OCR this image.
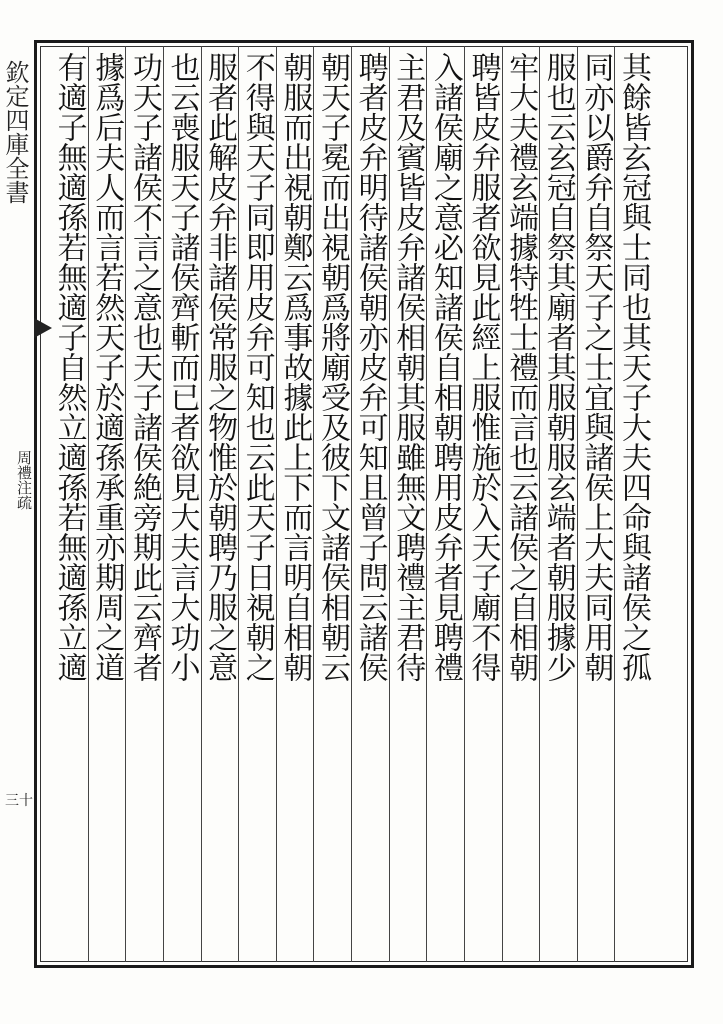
欽定四庫全書
周禮注疏
三十
其餘皆玄冠與士同也其天子大夫四命與諸侯之孤
同亦以爵弁自祭天子之士宜與諸侯上大夫同用朝
服也云玄冠自祭其廟者其服朝服玄端者朝服據少
牢大夫禮玄端據特牲士禮而言也云諸侯之自相朝
聘皆皮弁服者欲見此經上服惟施於入天子廟不得
入諸侯廟之意必知諸侯自相朝聘用皮弁者見聘禮
主君及賓皆皮弁諸侯相朝其服雖無文聘禮主君待
聘者皮弁明待諸侯朝亦皮弁可知且曾子問云諸侯
朝天子冕而出視朝爲將廟受及彼下文諸侯相朝云
朝服而出視朝鄭云爲事故據此上下而言明自相朝
不得與天子同即用皮弁可知也云此天子日視朝之
服者此解皮弁非諸侯常服之物惟於朝聘乃服之意
也云喪服天子諸侯齊斬而已者欲見大夫言大功小
功天子諸侯不言之意也天子諸侯絶旁期此云齊者
據爲后夫人而言若然天子於適孫承重亦期周之道
有適子無適孫若無適子自然立適孫若無適孫立適
